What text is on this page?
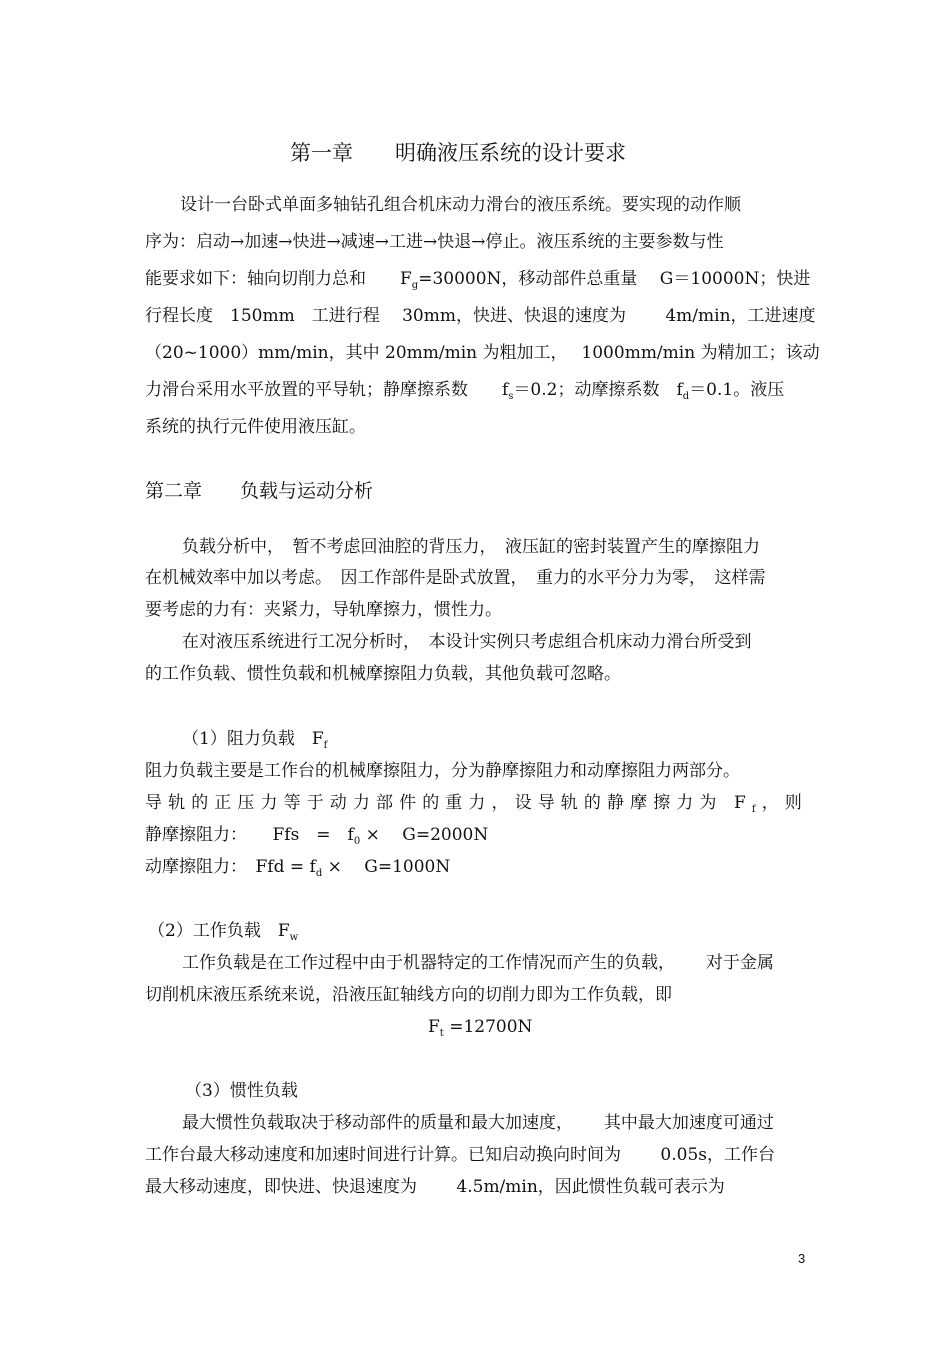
第一章　　明确液压系统的设计要求
设计一台卧式单面多轴钻孔组合机床动力滑台的液压系统。要实现的动作顺
序为：启动→加速→快进→减速→工进→快退→停止。液压系统的主要参数与性
能要求如下：轴向切削力总和　　$F_g=30000N$，移动部件总重量　 G＝10000N；快进
行程长度　150mm　工进行程　 30mm，快进、快退的速度为　　 4m/min，工进速度
（20~1000）mm/min，其中 20mm/min 为粗加工，　 1000mm/min 为精加工；该动
力滑台采用水平放置的平导轨；静摩擦系数　　$f_s=0.2$；动摩擦系数　$f_d=0.1$。液压
系统的执行元件使用液压缸。
第二章　　负载与运动分析
负载分析中，　暂不考虑回油腔的背压力，　液压缸的密封装置产生的摩擦阻力
在机械效率中加以考虑。　因工作部件是卧式放置，　重力的水平分力为零，　这样需
要考虑的力有：夹紧力，导轨摩擦力，惯性力。
在对液压系统进行工况分析时，　本设计实例只考虑组合机床动力滑台所受到
的工作负载、惯性负载和机械摩擦阻力负载，其他负载可忽略。
（1）阻力负载　$F_f$
阻力负载主要是工作台的机械摩擦阻力，分为静摩擦阻力和动摩擦阻力两部分。
导轨的正压力等于动力部件的重力，设导轨的静摩擦力为 $F_f$，则
静摩擦阻力：　　Ffs　=　$f_0$ × 　G=2000N
动摩擦阻力：　Ffd = $f_d$ × 　G=1000N
（2）工作负载　$F_w$
工作负载是在工作过程中由于机器特定的工作情况而产生的负载，　　 对于金属
切削机床液压系统来说，沿液压缸轴线方向的切削力即为工作负载，即
$F_t =12700N$
（3）惯性负载
最大惯性负载取决于移动部件的质量和最大加速度，　　 其中最大加速度可通过
工作台最大移动速度和加速时间进行计算。已知启动换向时间为　　 0.05s，工作台
最大移动速度，即快进、快退速度为　　 4.5m/min，因此惯性负载可表示为
3
